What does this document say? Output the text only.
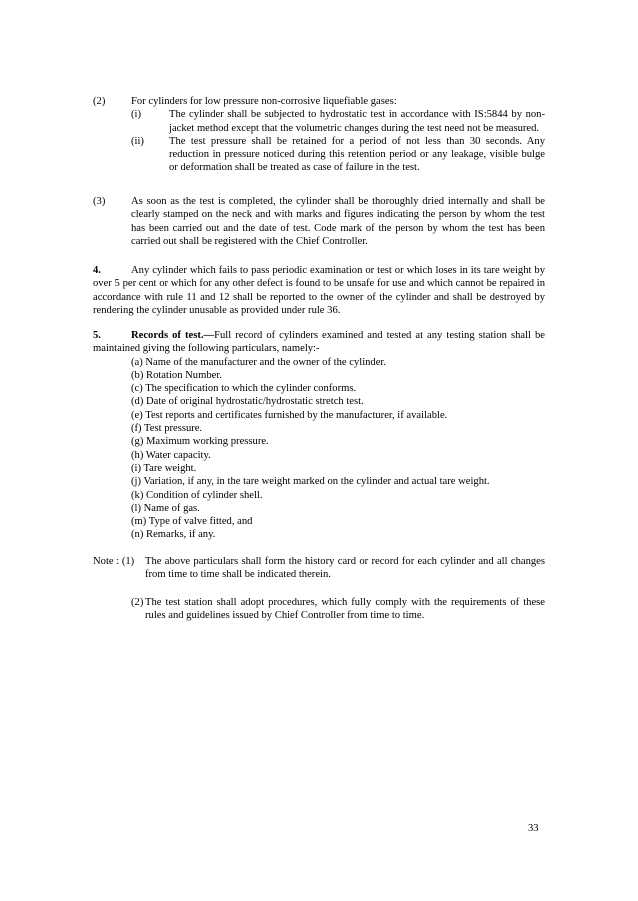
(2) For cylinders for low pressure non-corrosive liquefiable gases:
(i)	The cylinder shall be subjected to hydrostatic test in accordance with IS:5844 by non-jacket method except that the volumetric changes during the test need not be measured.
(ii) The test pressure shall be retained for a period of not less than 30 seconds. Any reduction in pressure noticed during this retention period or any leakage, visible bulge or deformation shall be treated as case of failure in the test.
(3) As soon as the test is completed, the cylinder shall be thoroughly dried internally and shall be clearly stamped on the neck and with marks and figures indicating the person by whom the test has been carried out and the date of test. Code mark of the person by whom the test has been carried out shall be registered with the Chief Controller.

4.	Any cylinder which fails to pass periodic examination or test or which loses in its tare weight by over 5 per cent or which for any other defect is found to be unsafe for use and which cannot be repaired in accordance with rule 11 and 12 shall be reported to the owner of the cylinder and shall be destroyed by rendering the cylinder unusable as provided under rule 36.

5.	Records of test.—Full record of cylinders examined and tested at any testing station shall be maintained giving the following particulars, namely:-

(a) Name of the manufacturer and the owner of the cylinder.
(b) Rotation Number.
(c) The specification to which the cylinder conforms.
(d) Date of original hydrostatic/hydrostatic stretch test.
(e) Test reports and certificates furnished by the manufacturer, if available.
(f) Test pressure.
(g) Maximum working pressure.
(h) Water capacity.
(i) Tare weight.
(j) Variation, if any, in the tare weight marked on the cylinder and actual tare weight.
(k) Condition of cylinder shell.
(l) Name of gas.
(m) Type of valve fitted, and
(n) Remarks, if any.
Note : (1) The above particulars shall form the history card or record for each cylinder and all changes from time to time shall be indicated therein.
(2) The test station shall adopt procedures, which fully comply with the requirements of these rules and guidelines issued by Chief Controller from time to time.
33
